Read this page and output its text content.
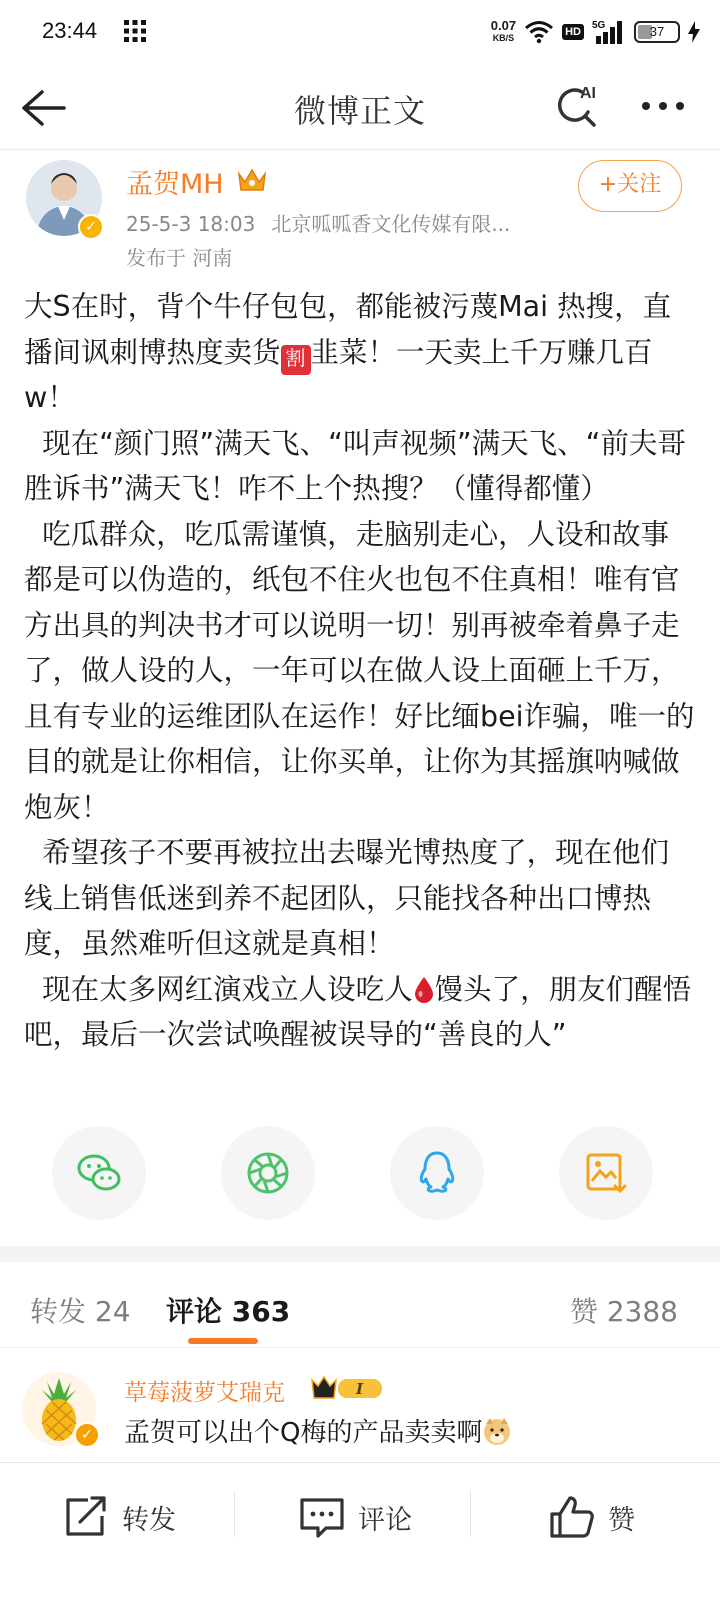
23:44	0.07
KB/S	HD
5G	37
微博正文	AI
✓
孟贺MH
25-5-3 18:03 北京呱呱香文化传媒有限...
发布于 河南
+关注
大S在时，背个牛仔包包，都能被污蔑Mai 热搜，直播间讽刺博热度卖货 割 韭菜！一天卖上千万赚几百w！
现在“颜门照”满天飞、“叫声视频”满天飞、“前夫哥胜诉书”满天飞！咋不上个热搜？（懂得都懂）
吃瓜群众，吃瓜需谨慎，走脑别走心，人设和故事都是可以伪造的，纸包不住火也包不住真相！唯有官方出具的判决书才可以说明一切！别再被牵着鼻子走了，做人设的人，一年可以在做人设上面砸上千万，且有专业的运维团队在运作！好比缅bei诈骗，唯一的目的就是让你相信，让你买单，让你为其摇旗呐喊做炮灰！
希望孩子不要再被拉出去曝光博热度了，现在他们线上销售低迷到养不起团队，只能找各种出口博热度，虽然难听但这就是真相！
现在太多网红演戏立人设吃人 馒头了，朋友们醒悟吧，最后一次尝试唤醒被误导的“善良的人”
转发 24 评论 363	赞 2388
✓
草莓菠萝艾瑞克	I
孟贺可以出个Q梅的产品卖卖啊
转发	评论	赞
